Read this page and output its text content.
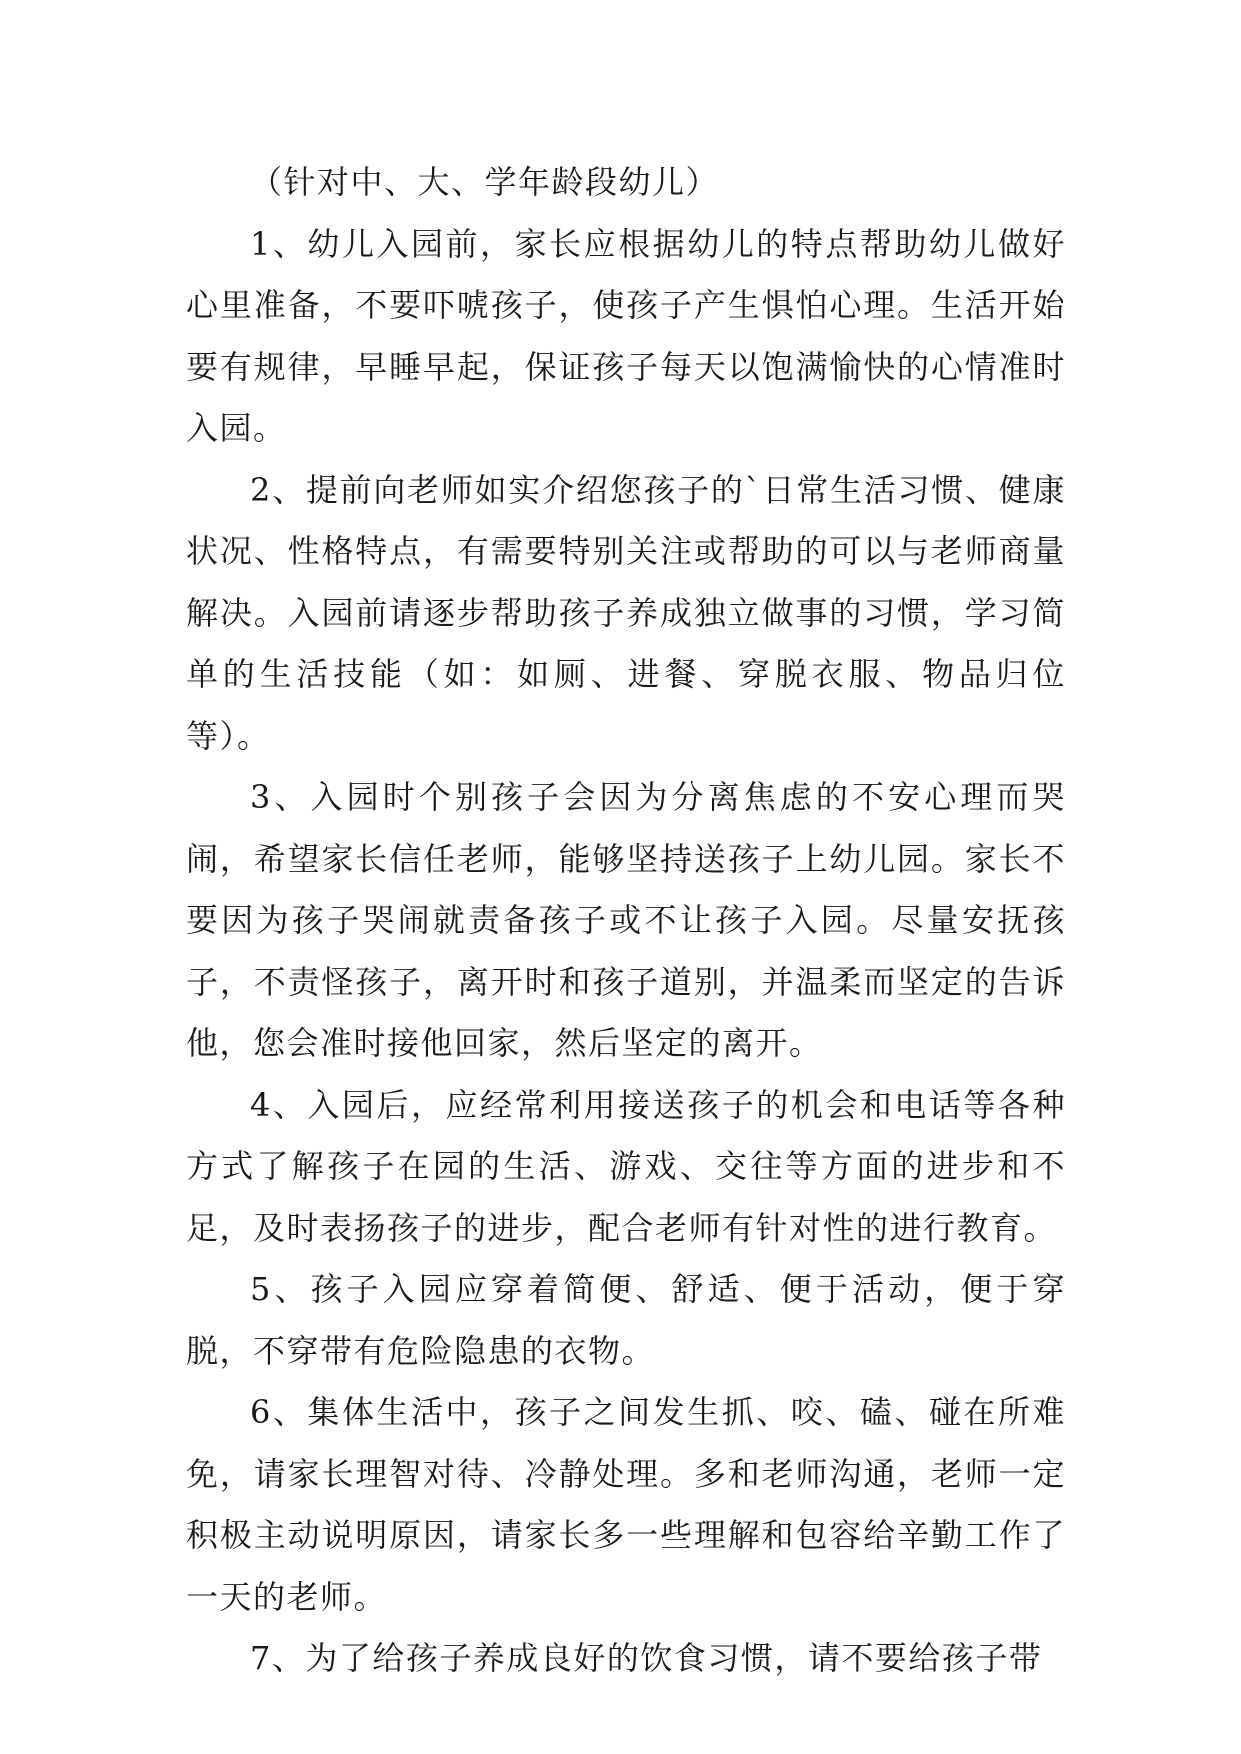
（针对中、大、学年龄段幼儿）

1、幼儿入园前，家长应根据幼儿的特点帮助幼儿做好心里准备，不要吓唬孩子，使孩子产生惧怕心理。生活开始要有规律，早睡早起，保证孩子每天以饱满愉快的心情准时入园。

2、提前向老师如实介绍您孩子的`日常生活习惯、健康状况、性格特点，有需要特别关注或帮助的可以与老师商量解决。入园前请逐步帮助孩子养成独立做事的习惯，学习简单的生活技能（如：如厕、进餐、穿脱衣服、物品归位等）。

3、入园时个别孩子会因为分离焦虑的不安心理而哭闹，希望家长信任老师，能够坚持送孩子上幼儿园。家长不要因为孩子哭闹就责备孩子或不让孩子入园。尽量安抚孩子，不责怪孩子，离开时和孩子道别，并温柔而坚定的告诉他，您会准时接他回家，然后坚定的离开。

4、入园后，应经常利用接送孩子的机会和电话等各种方式了解孩子在园的生活、游戏、交往等方面的进步和不足，及时表扬孩子的进步，配合老师有针对性的进行教育。

5、孩子入园应穿着简便、舒适、便于活动，便于穿脱，不穿带有危险隐患的衣物。

6、集体生活中，孩子之间发生抓、咬、磕、碰在所难免，请家长理智对待、冷静处理。多和老师沟通，老师一定积极主动说明原因，请家长多一些理解和包容给辛勤工作了一天的老师。

7、为了给孩子养成良好的饮食习惯，请不要给孩子带
